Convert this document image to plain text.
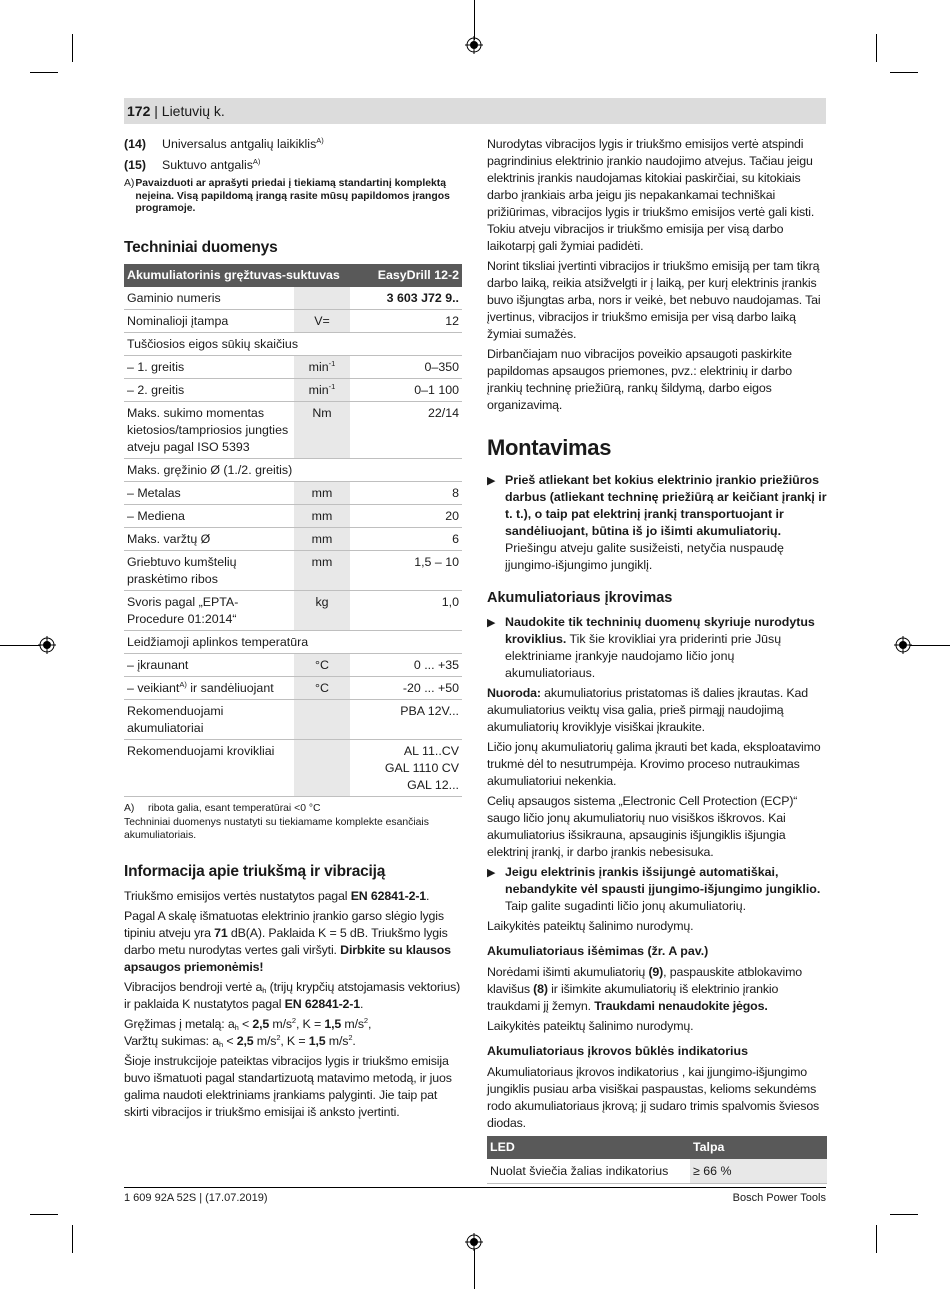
172 | Lietuvių k.
(14)	Universalus antgalių laikiklis$^{A)}$
(15)	Suktuvo antgalis$^{A)}$
A) Pavaizduoti ar aprašyti priedai į tiekiamą standartinį komplektą neįeina. Visą papildomą įrangą rasite mūsų papildomos įrangos programoje.
Techniniai duomenys
Akumuliatorinis gręžtuvas-suktuvas		EasyDrill 12-2
Gaminio numeris		3 603 J72 9..
Nominalioji įtampa	V=	12
Tuščiosios eigos sūkių skaičius		
– 1. greitis	$\min^{-1}$	0–350
– 2. greitis	$\min^{-1}$	0–1 100
Maks. sukimo momentas kietosios/tampriosios jungties atveju pagal ISO 5393	Nm	22/14
Maks. gręžinio Ø (1./2. greitis)		
– Metalas	mm	8
– Mediena	mm	20
Maks. varžtų Ø	mm	6
Griebtuvo kumštelių praskėtimo ribos	mm	1,5 – 10
Svoris pagal „EPTA-Procedure 01:2014“	kg	1,0
Leidžiamoji aplinkos temperatūra		
– įkraunant	°C	0 ... +35
– veikiant$^{A)}$ ir sandėliuojant	°C	-20 ... +50
Rekomenduojami akumuliatoriai		PBA 12V...
Rekomenduojami krovikliai		AL 11..CV
GAL 1110 CV
GAL 12...
A)	ribota galia, esant temperatūrai <0 °C
Techniniai duomenys nustatyti su tiekiamame komplekte esančiais akumuliatoriais.
Informacija apie triukšmą ir vibraciją
Triukšmo emisijos vertės nustatytos pagal EN 62841-2-1.
Pagal A skalę išmatuotas elektrinio įrankio garso slėgio lygis tipiniu atveju yra 71 dB(A). Paklaida K = 5 dB. Triukšmo lygis darbo metu nurodytas vertes gali viršyti. Dirbkite su klausos apsaugos priemonėmis!
Vibracijos bendroji vertė $a_h$ (trijų krypčių atstojamasis vektorius) ir paklaida K nustatytos pagal EN 62841-2-1.
Gręžimas į metalą: $a_h < 2,5$ $m/s^2$, K = 1,5 $m/s^2$,
Varžtų sukimas: $a_h < 2,5$ $m/s^2$, K = 1,5 $m/s^2$.
Šioje instrukcijoje pateiktas vibracijos lygis ir triukšmo emisija buvo išmatuoti pagal standartizuotą matavimo metodą, ir juos galima naudoti elektriniams įrankiams palyginti. Jie taip pat skirti vibracijos ir triukšmo emisijai iš anksto įvertinti.
Nurodytas vibracijos lygis ir triukšmo emisijos vertė atspindi pagrindinius elektrinio įrankio naudojimo atvejus. Tačiau jeigu elektrinis įrankis naudojamas kitokiai paskirčiai, su kitokiais darbo įrankiais arba jeigu jis nepakankamai techniškai prižiūrimas, vibracijos lygis ir triukšmo emisijos vertė gali kisti. Tokiu atveju vibracijos ir triukšmo emisija per visą darbo laikotarpį gali žymiai padidėti.
Norint tiksliai įvertinti vibracijos ir triukšmo emisiją per tam tikrą darbo laiką, reikia atsižvelgti ir į laiką, per kurį elektrinis įrankis buvo išjungtas arba, nors ir veikė, bet nebuvo naudojamas. Tai įvertinus, vibracijos ir triukšmo emisija per visą darbo laiką žymiai sumažės.
Dirbančiajam nuo vibracijos poveikio apsaugoti paskirkite papildomas apsaugos priemones, pvz.: elektrinių ir darbo įrankių techninę priežiūrą, rankų šildymą, darbo eigos organizavimą.
Montavimas
▶ Prieš atliekant bet kokius elektrinio įrankio priežiūros darbus (atliekant techninę priežiūrą ar keičiant įrankį ir t. t.), o taip pat elektrinį įrankį transportuojant ir sandėliuojant, būtina iš jo išimti akumuliatorių. Priešingu atveju galite susižeisti, netyčia nuspaudę įjungimo-išjungimo jungiklį.
Akumuliatoriaus įkrovimas
▶ Naudokite tik techninių duomenų skyriuje nurodytus kroviklius. Tik šie krovikliai yra priderinti prie Jūsų elektriniame įrankyje naudojamo ličio jonų akumuliatoriaus.
Nuoroda: akumuliatorius pristatomas iš dalies įkrautas. Kad akumuliatorius veiktų visa galia, prieš pirmąjį naudojimą akumuliatorių kroviklyje visiškai įkraukite.
Ličio jonų akumuliatorių galima įkrauti bet kada, eksploatavimo trukmė dėl to nesutrumpėja. Krovimo proceso nutraukimas akumuliatoriui nekenkia.
Celių apsaugos sistema „Electronic Cell Protection (ECP)“ saugo ličio jonų akumuliatorių nuo visiškos iškrovos. Kai akumuliatorius išsikrauna, apsauginis išjungiklis išjungia elektrinį įrankį, ir darbo įrankis nebesisuka.
▶ Jeigu elektrinis įrankis išsijungė automatiškai, nebandykite vėl spausti įjungimo-išjungimo jungiklio. Taip galite sugadinti ličio jonų akumuliatorių.
Laikykitės pateiktų šalinimo nurodymų.
Akumuliatoriaus išėmimas (žr. A pav.)
Norėdami išimti akumuliatorių (9), paspauskite atblokavimo klavišus (8) ir išimkite akumuliatorių iš elektrinio įrankio traukdami jį žemyn. Traukdami nenaudokite jėgos.
Laikykitės pateiktų šalinimo nurodymų.
Akumuliatoriaus įkrovos būklės indikatorius
Akumuliatoriaus įkrovos indikatorius , kai įjungimo-išjungimo jungiklis pusiau arba visiškai paspaustas, kelioms sekundėms rodo akumuliatoriaus įkrovą; jį sudaro trimis spalvomis šviesos diodas.
LED	Talpa
Nuolat šviečia žalias indikatorius	≥ 66 %
1 609 92A 52S | (17.07.2019)	Bosch Power Tools
